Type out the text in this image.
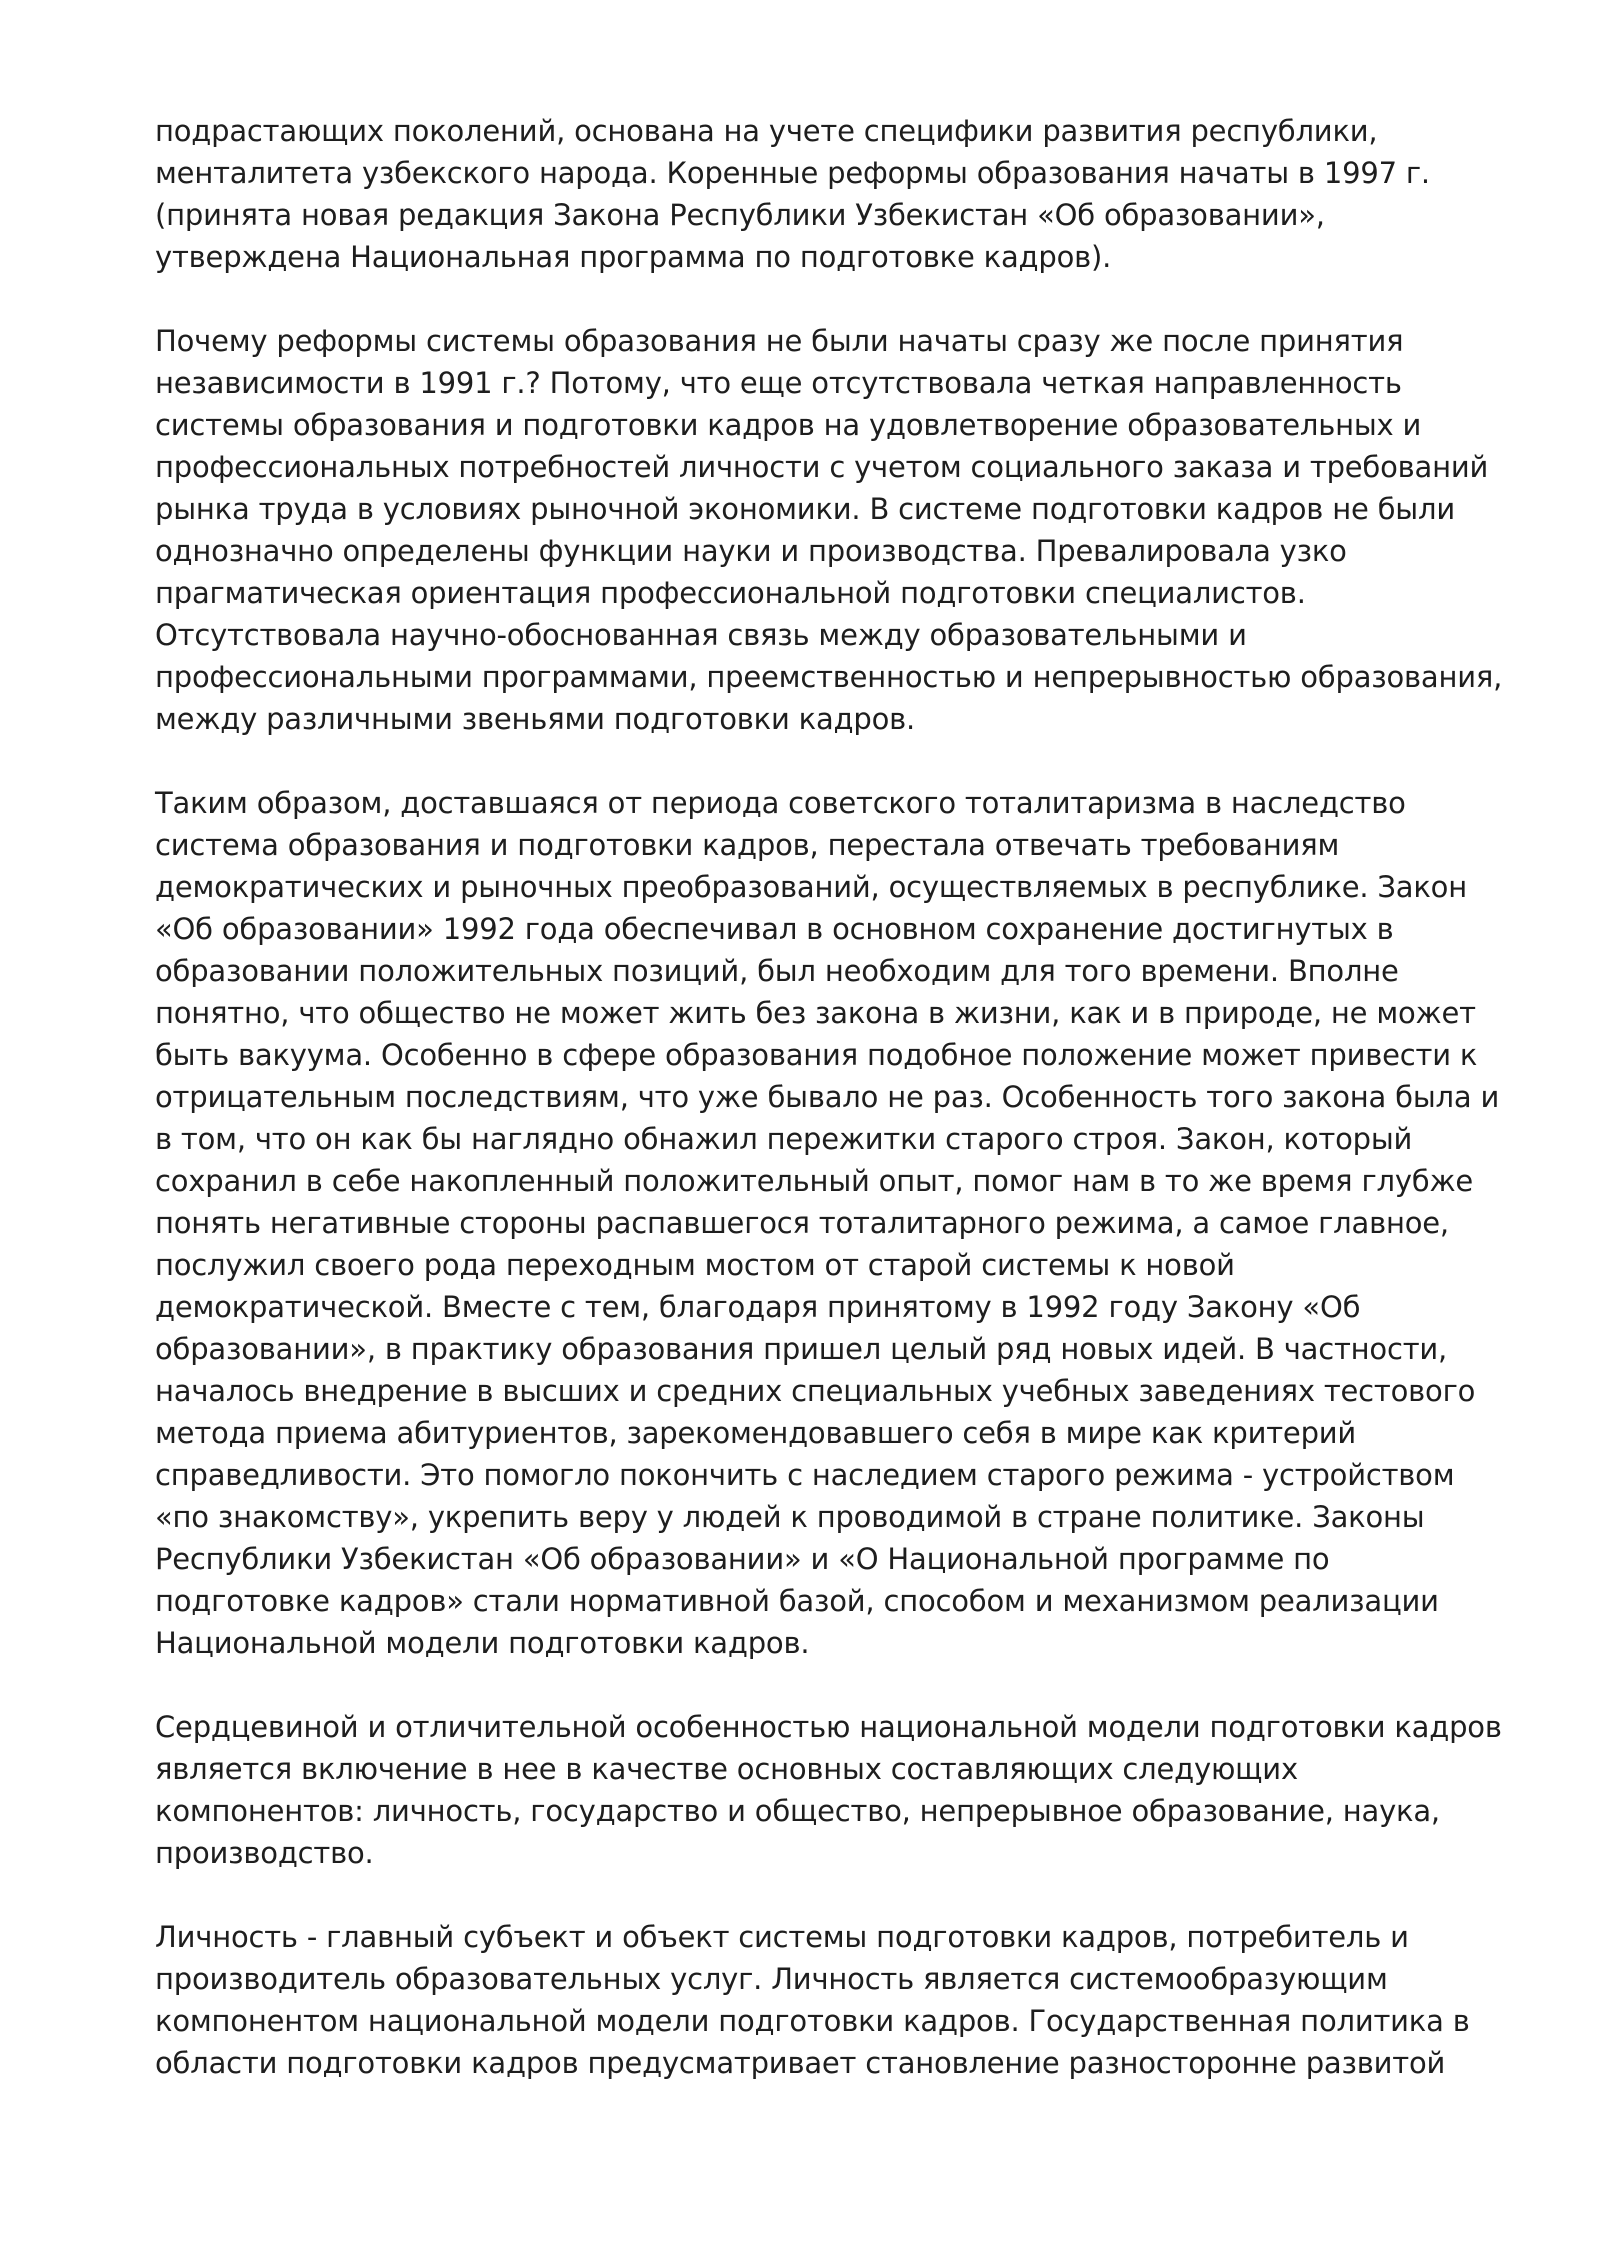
подрастающих поколений, основана на учете специфики развития республики, менталитета узбекского народа. Коренные реформы образования начаты в 1997 г. (принята новая редакция Закона Республики Узбекистан «Об образовании», утверждена Национальная программа по подготовке кадров).

Почему реформы системы образования не были начаты сразу же после принятия независимости в 1991 г.? Потому, что еще отсутствовала четкая направленность системы образования и подготовки кадров на удовлетворение образовательных и профессиональных потребностей личности с учетом социального заказа и требований рынка труда в условиях рыночной экономики. В системе подготовки кадров не были однозначно определены функции науки и производства. Превалировала узко прагматическая ориентация профессиональной подготовки специалистов. Отсутствовала научно-обоснованная связь между образовательными и профессиональными программами, преемственностью и непрерывностью образования, между различными звеньями подготовки кадров.

Таким образом, доставшаяся от периода советского тоталитаризма в наследство система образования и подготовки кадров, перестала отвечать требованиям демократических и рыночных преобразований, осуществляемых в республике. Закон «Об образовании» 1992 года обеспечивал в основном сохранение достигнутых в образовании положительных позиций, был необходим для того времени. Вполне понятно, что общество не может жить без закона в жизни, как и в природе, не может быть вакуума. Особенно в сфере образования подобное положение может привести к отрицательным последствиям, что уже бывало не раз. Особенность того закона была и в том, что он как бы наглядно обнажил пережитки старого строя. Закон, который сохранил в себе накопленный положительный опыт, помог нам в то же время глубже понять негативные стороны распавшегося тоталитарного режима, а самое главное, послужил своего рода переходным мостом от старой системы к новой демократической. Вместе с тем, благодаря принятому в 1992 году Закону «Об образовании», в практику образования пришел целый ряд новых идей. В частности, началось внедрение в высших и средних специальных учебных заведениях тестового метода приема абитуриентов, зарекомендовавшего себя в мире как критерий справедливости. Это помогло покончить с наследием старого режима - устройством «по знакомству», укрепить веру у людей к проводимой в стране политике. Законы Республики Узбекистан «Об образовании» и «О Национальной программе по подготовке кадров» стали нормативной базой, способом и механизмом реализации Национальной модели подготовки кадров.

Сердцевиной и отличительной особенностью национальной модели подготовки кадров является включение в нее в качестве основных составляющих следующих компонентов: личность, государство и общество, непрерывное образование, наука, производство.

Личность - главный субъект и объект системы подготовки кадров, потребитель и производитель образовательных услуг. Личность является системообразующим компонентом национальной модели подготовки кадров. Государственная политика в области подготовки кадров предусматривает становление разносторонне развитой
